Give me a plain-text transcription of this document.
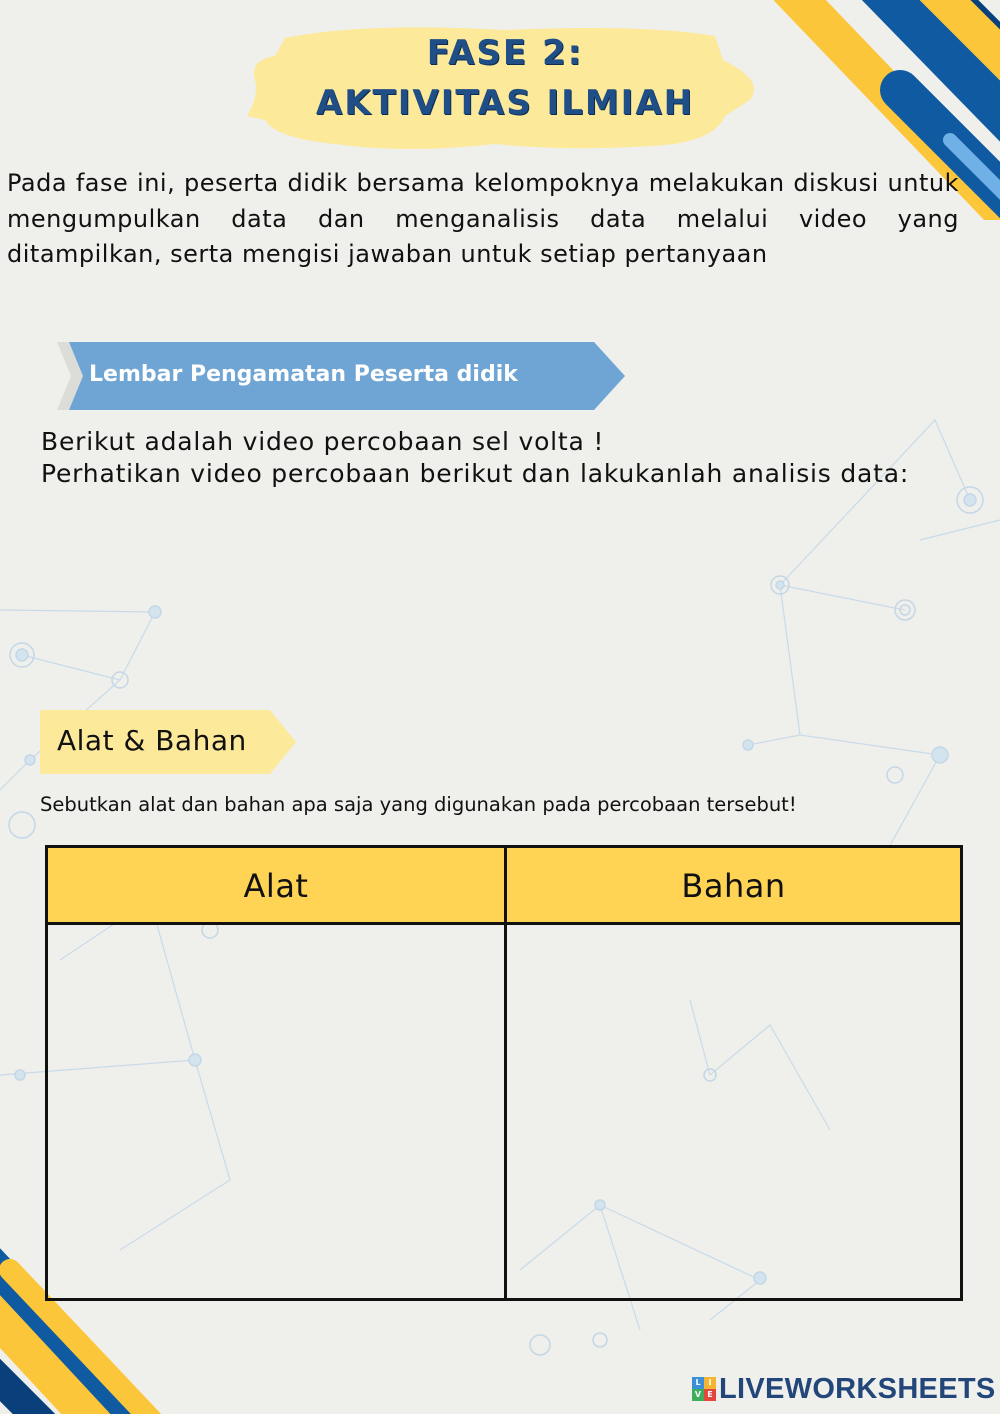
FASE 2:
AKTIVITAS ILMIAH
Pada fase ini, peserta didik bersama kelompoknya melakukan diskusi untuk mengumpulkan data dan menganalisis data melalui video yang ditampilkan, serta mengisi jawaban untuk setiap pertanyaan
Lembar Pengamatan Peserta didik
Berikut adalah video percobaan sel volta !
Perhatikan video percobaan berikut dan lakukanlah analisis data:
Alat & Bahan
Sebutkan alat dan bahan apa saja yang digunakan pada percobaan tersebut!
Alat	Bahan
L I
V E LIVEWORKSHEETS
